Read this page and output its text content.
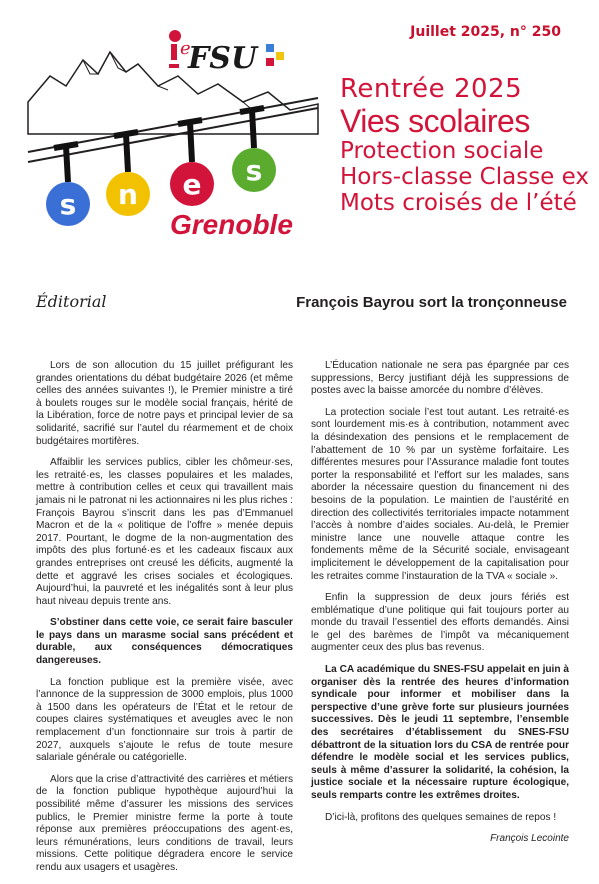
e
FSU
s n e s
Grenoble
Juillet 2025, n° 250
Rentrée 2025
Vies scolaires
Protection sociale
Hors-classe Classe ex
Mots croisés de l’été
Éditorial	François Bayrou sort la tronçonneuse

Lors de son allocution du 15 juillet préfigurant les grandes orientations du débat budgétaire 2026 (et même celles des années suivantes !), le Premier ministre a tiré à boulets rouges sur le modèle social français, hérité de la Libération, force de notre pays et principal levier de sa solidarité, sacrifié sur l’autel du réarmement et de choix budgétaires mortifères.

Affaiblir les services publics, cibler les chômeur·ses, les retraité·es, les classes populaires et les malades, mettre à contribution celles et ceux qui travaillent mais jamais ni le patronat ni les actionnaires ni les plus riches : François Bayrou s’inscrit dans les pas d’Emmanuel Macron et de la « politique de l’offre » menée depuis 2017. Pourtant, le dogme de la non-augmentation des impôts des plus fortuné·es et les cadeaux fiscaux aux grandes entreprises ont creusé les déficits, augmenté la dette et aggravé les crises sociales et écologiques. Aujourd’hui, la pauvreté et les inégalités sont à leur plus haut niveau depuis trente ans.

S’obstiner dans cette voie, ce serait faire basculer le pays dans un marasme social sans précédent et durable, aux conséquences démocratiques dangereuses.

La fonction publique est la première visée, avec l’annonce de la suppression de 3000 emplois, plus 1000 à 1500 dans les opérateurs de l’État et le retour de coupes claires systématiques et aveugles avec le non remplacement d’un fonctionnaire sur trois à partir de 2027, auxquels s’ajoute le refus de toute mesure salariale générale ou catégorielle.

Alors que la crise d’attractivité des carrières et métiers de la fonction publique hypothèque aujourd’hui la possibilité même d’assurer les missions des services publics, le Premier ministre ferme la porte à toute réponse aux premières préoccupations des agent·es, leurs rémunérations, leurs conditions de travail, leurs missions. Cette politique dégradera encore le service rendu aux usagers et usagères.

L’Éducation nationale ne sera pas épargnée par ces suppressions, Bercy justifiant déjà les suppressions de postes avec la baisse amorcée du nombre d’élèves.

La protection sociale l’est tout autant. Les retraité·es sont lourdement mis·es à contribution, notamment avec la désindexation des pensions et le remplacement de l’abattement de 10 % par un système forfaitaire. Les différentes mesures pour l’Assurance maladie font toutes porter la responsabilité et l’effort sur les malades, sans aborder la nécessaire question du financement ni des besoins de la population. Le maintien de l’austérité en direction des collectivités territoriales impacte notamment l’accès à nombre d’aides sociales. Au-delà, le Premier ministre lance une nouvelle attaque contre les fondements même de la Sécurité sociale, envisageant implicitement le développement de la capitalisation pour les retraites comme l’instauration de la TVA « sociale ».

Enfin la suppression de deux jours fériés est emblématique d’une politique qui fait toujours porter au monde du travail l’essentiel des efforts demandés. Ainsi le gel des barèmes de l’impôt va mécaniquement augmenter ceux des plus bas revenus.

La CA académique du SNES-FSU appelait en juin à organiser dès la rentrée des heures d’information syndicale pour informer et mobiliser dans la perspective d’une grève forte sur plusieurs journées successives. Dès le jeudi 11 septembre, l’ensemble des secrétaires d’établissement du SNES-FSU débattront de la situation lors du CSA de rentrée pour défendre le modèle social et les services publics, seuls à même d’assurer la solidarité, la cohésion, la justice sociale et la nécessaire rupture écologique, seuls remparts contre les extrêmes droites.

D’ici-là, profitons des quelques semaines de repos !

François Lecointe
